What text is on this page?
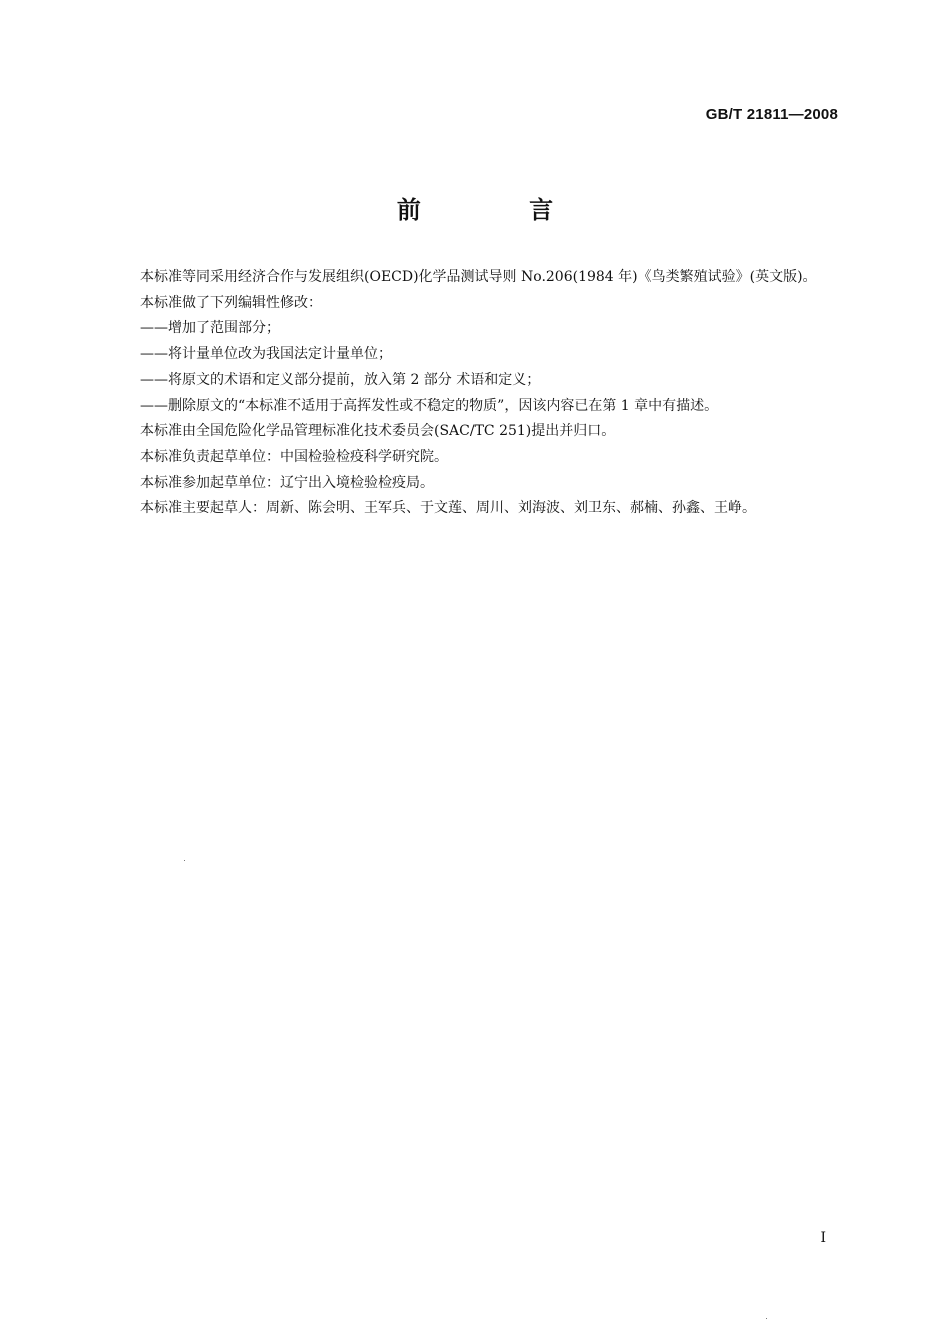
GB/T 21811—2008
前 言

本标准等同采用经济合作与发展组织(OECD)化学品测试导则 No.206(1984 年)《鸟类繁殖试验》(英文版)。

本标准做了下列编辑性修改：

——增加了范围部分；

——将计量单位改为我国法定计量单位；

——将原文的术语和定义部分提前，放入第 2 部分 术语和定义；

——删除原文的“本标准不适用于高挥发性或不稳定的物质”，因该内容已在第 1 章中有描述。

本标准由全国危险化学品管理标准化技术委员会(SAC/TC 251)提出并归口。

本标准负责起草单位：中国检验检疫科学研究院。

本标准参加起草单位：辽宁出入境检验检疫局。

本标准主要起草人：周新、陈会明、王军兵、于文莲、周川、刘海波、刘卫东、郝楠、孙鑫、王峥。

I
